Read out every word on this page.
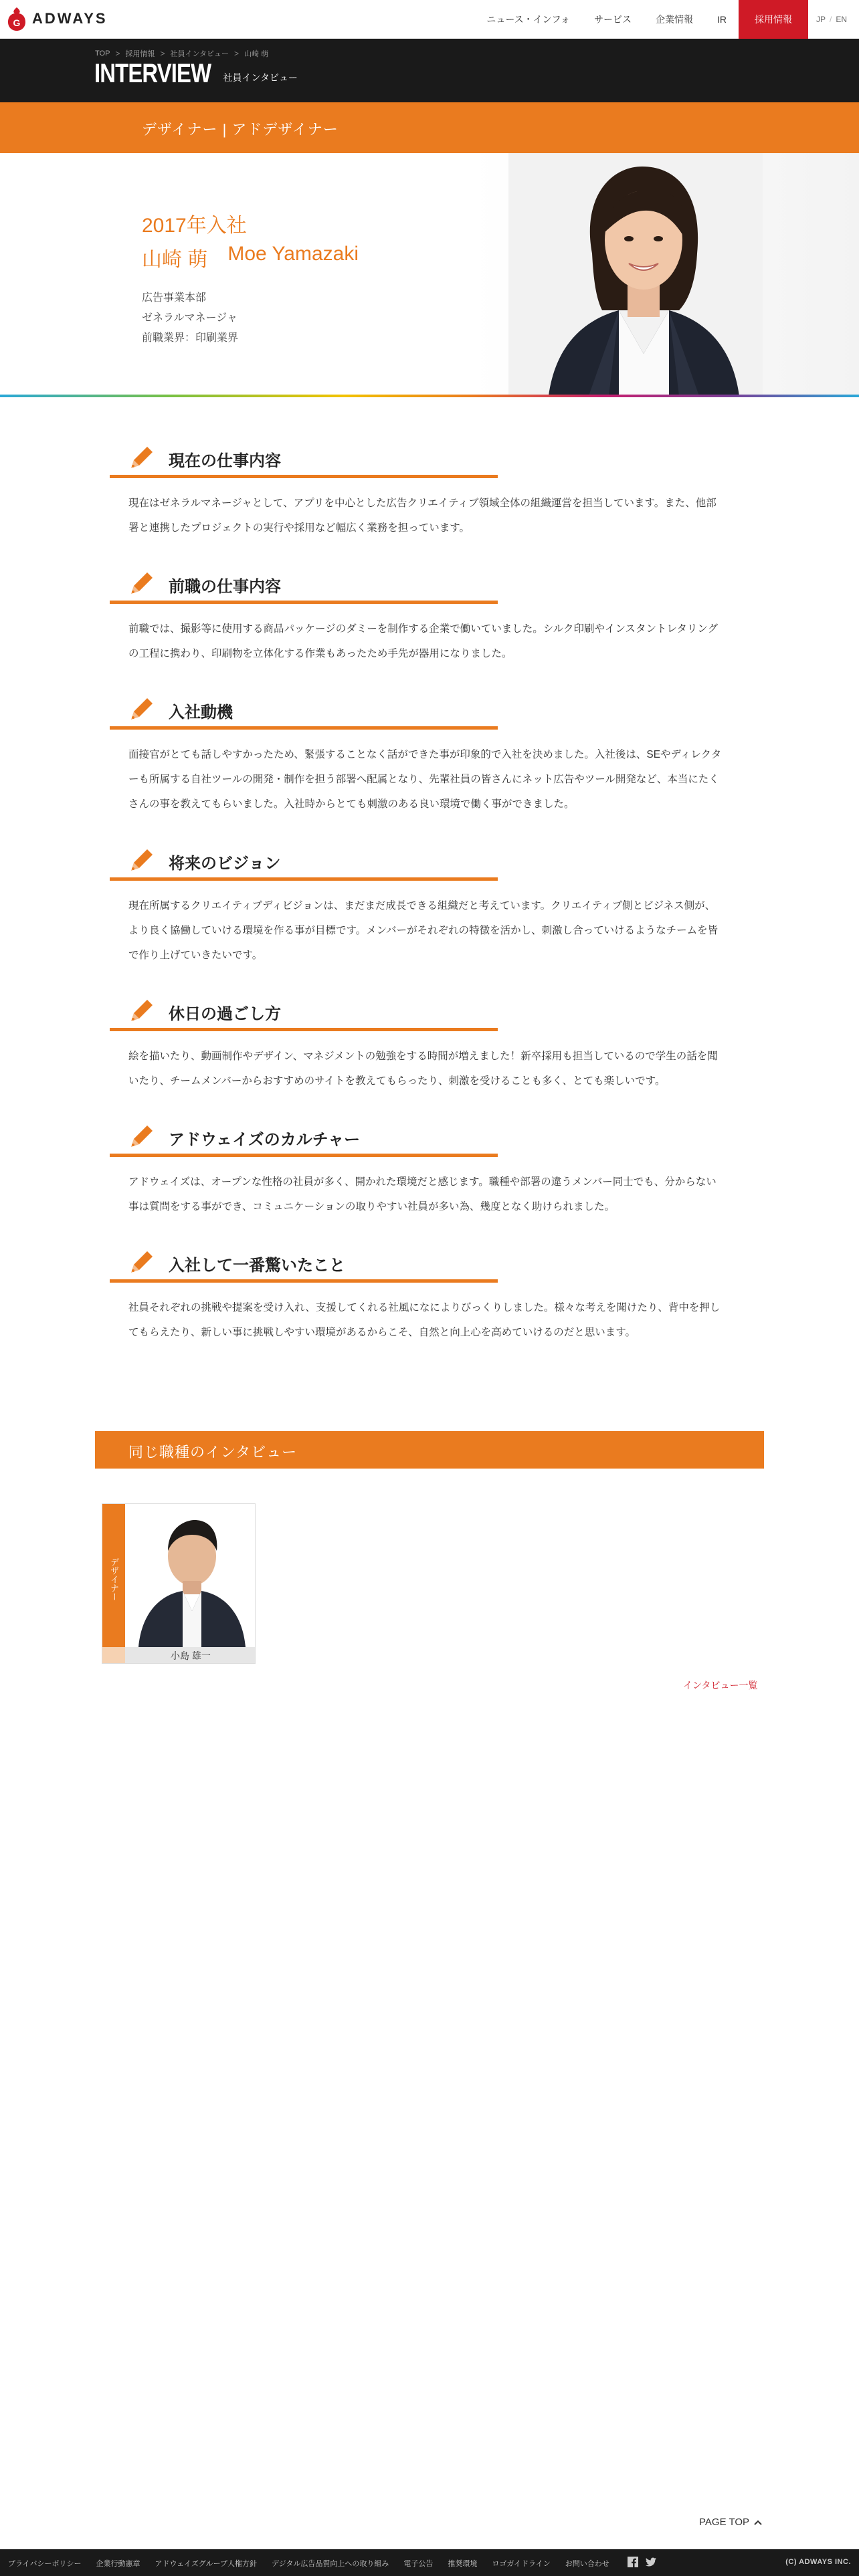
G ADWAYS	ニュース・インフォ	サービス	企業情報	IR	採用情報	JP / EN
TOP > 採用情報 > 社員インタビュー > 山崎 萌
INTERVIEW 社員インタビュー
デザイナー | アドデザイナー
2017年入社
山崎 萌 Moe Yamazaki
広告事業本部
ゼネラルマネージャ
前職業界：印刷業界
現在の仕事内容

現在はゼネラルマネージャとして、アプリを中心とした広告クリエイティブ領域全体の組織運営を担当しています。また、他部署と連携したプロジェクトの実行や採用など幅広く業務を担っています。

前職の仕事内容

前職では、撮影等に使用する商品パッケージのダミーを制作する企業で働いていました。シルク印刷やインスタントレタリングの工程に携わり、印刷物を立体化する作業もあったため手先が器用になりました。

入社動機

面接官がとても話しやすかったため、緊張することなく話ができた事が印象的で入社を決めました。入社後は、SEやディレクターも所属する自社ツールの開発・制作を担う部署へ配属となり、先輩社員の皆さんにネット広告やツール開発など、本当にたくさんの事を教えてもらいました。入社時からとても刺激のある良い環境で働く事ができました。

将来のビジョン

現在所属するクリエイティブディビジョンは、まだまだ成長できる組織だと考えています。クリエイティブ側とビジネス側が、より良く協働していける環境を作る事が目標です。メンバーがそれぞれの特徴を活かし、刺激し合っていけるようなチームを皆で作り上げていきたいです。

休日の過ごし方

絵を描いたり、動画制作やデザイン、マネジメントの勉強をする時間が増えました！新卒採用も担当しているので学生の話を聞いたり、チームメンバーからおすすめのサイトを教えてもらったり、刺激を受けることも多く、とても楽しいです。

アドウェイズのカルチャー

アドウェイズは、オープンな性格の社員が多く、開かれた環境だと感じます。職種や部署の違うメンバー同士でも、分からない事は質問をする事ができ、コミュニケーションの取りやすい社員が多い為、幾度となく助けられました。

入社して一番驚いたこと

社員それぞれの挑戦や提案を受け入れ、支援してくれる社風になによりびっくりしました。様々な考えを聞けたり、背中を押してもらえたり、新しい事に挑戦しやすい環境があるからこそ、自然と向上心を高めていけるのだと思います。

同じ職種のインタビュー
デザイナー
小島 雄一
インタビュー一覧
PAGE TOP
プライバシーポリシー 企業行動憲章 アドウェイズグループ人権方針 デジタル広告品質向上への取り組み 電子公告 推奨環境 ロゴガイドライン お問い合わせ	(C) ADWAYS INC.
